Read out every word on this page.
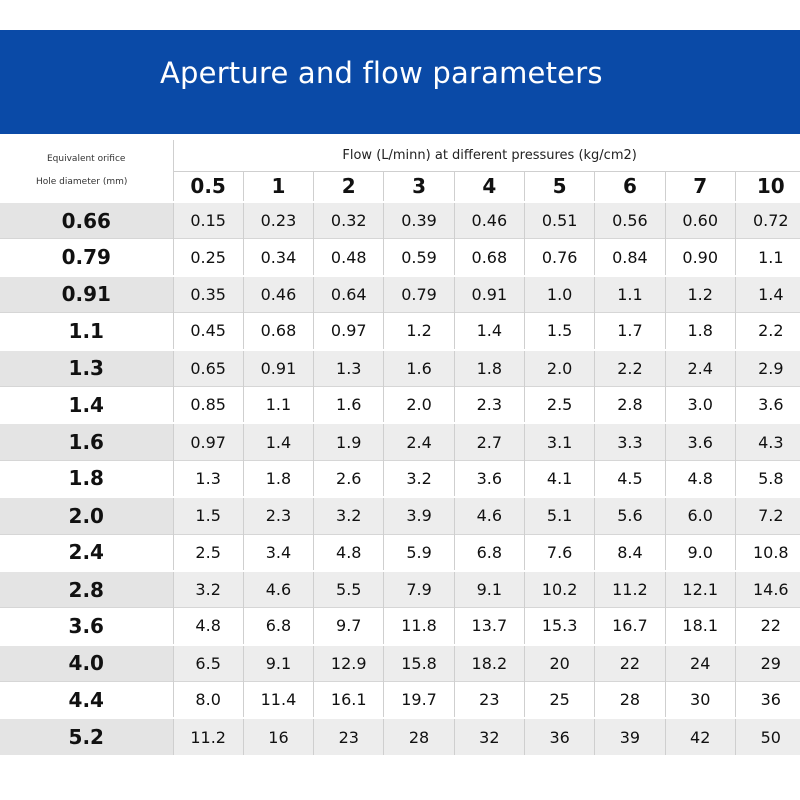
Aperture and flow parameters
Equivalent orifice
Hole diameter (mm)	Flow (L/minn) at different pressures (kg/cm2)								
	0.5	1	2	3	4	5	6	7	10
0.66	0.15	0.23	0.32	0.39	0.46	0.51	0.56	0.60	0.72
0.79	0.25	0.34	0.48	0.59	0.68	0.76	0.84	0.90	1.1
0.91	0.35	0.46	0.64	0.79	0.91	1.0	1.1	1.2	1.4
1.1	0.45	0.68	0.97	1.2	1.4	1.5	1.7	1.8	2.2
1.3	0.65	0.91	1.3	1.6	1.8	2.0	2.2	2.4	2.9
1.4	0.85	1.1	1.6	2.0	2.3	2.5	2.8	3.0	3.6
1.6	0.97	1.4	1.9	2.4	2.7	3.1	3.3	3.6	4.3
1.8	1.3	1.8	2.6	3.2	3.6	4.1	4.5	4.8	5.8
2.0	1.5	2.3	3.2	3.9	4.6	5.1	5.6	6.0	7.2
2.4	2.5	3.4	4.8	5.9	6.8	7.6	8.4	9.0	10.8
2.8	3.2	4.6	5.5	7.9	9.1	10.2	11.2	12.1	14.6
3.6	4.8	6.8	9.7	11.8	13.7	15.3	16.7	18.1	22
4.0	6.5	9.1	12.9	15.8	18.2	20	22	24	29
4.4	8.0	11.4	16.1	19.7	23	25	28	30	36
5.2	11.2	16	23	28	32	36	39	42	50
